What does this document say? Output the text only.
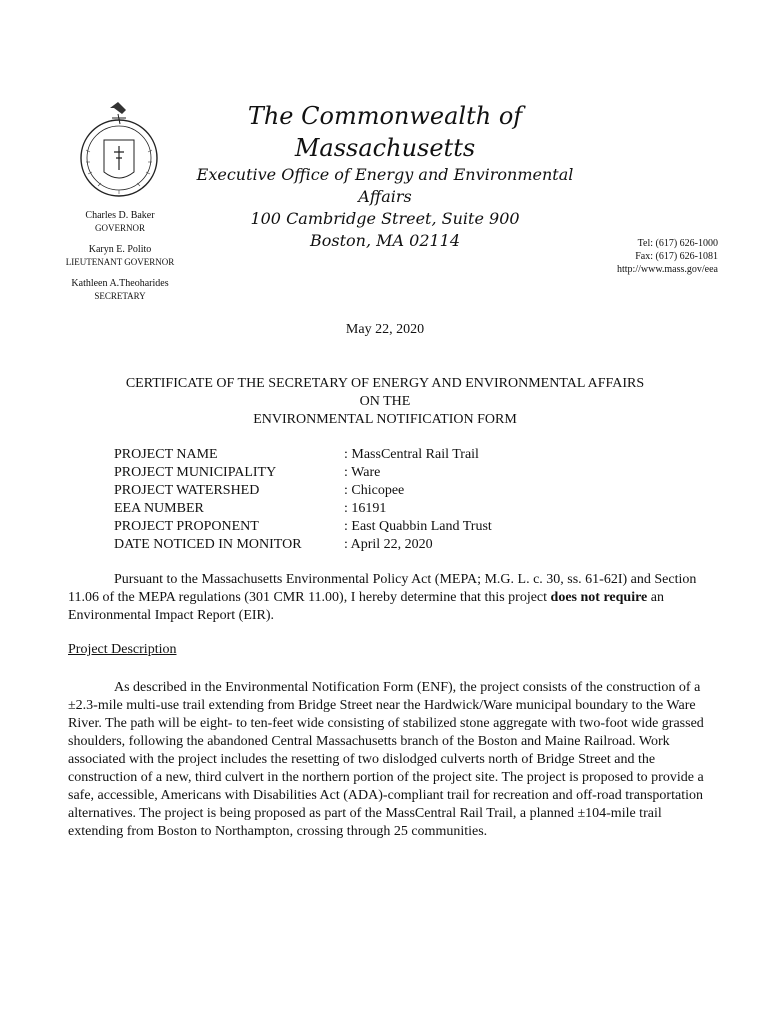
The Commonwealth of Massachusetts
Executive Office of Energy and Environmental Affairs
100 Cambridge Street, Suite 900
Boston, MA 02114
Charles D. Baker
GOVERNOR
Karyn E. Polito
LIEUTENANT GOVERNOR
Kathleen A.Theoharides
SECRETARY
Tel: (617) 626-1000
Fax: (617) 626-1081
http://www.mass.gov/eea
May 22, 2020
CERTIFICATE OF THE SECRETARY OF ENERGY AND ENVIRONMENTAL AFFAIRS
ON THE
ENVIRONMENTAL NOTIFICATION FORM
PROJECT NAME	: MassCentral Rail Trail
PROJECT MUNICIPALITY	: Ware
PROJECT WATERSHED	: Chicopee
EEA NUMBER	: 16191
PROJECT PROPONENT	: East Quabbin Land Trust
DATE NOTICED IN MONITOR	: April 22, 2020
Pursuant to the Massachusetts Environmental Policy Act (MEPA; M.G. L. c. 30, ss. 61-62I) and Section 11.06 of the MEPA regulations (301 CMR 11.00), I hereby determine that this project does not require an Environmental Impact Report (EIR).
Project Description
As described in the Environmental Notification Form (ENF), the project consists of the construction of a ±2.3-mile multi-use trail extending from Bridge Street near the Hardwick/Ware municipal boundary to the Ware River. The path will be eight- to ten-feet wide consisting of stabilized stone aggregate with two-foot wide grassed shoulders, following the abandoned Central Massachusetts branch of the Boston and Maine Railroad. Work associated with the project includes the resetting of two dislodged culverts north of Bridge Street and the construction of a new, third culvert in the northern portion of the project site. The project is proposed to provide a safe, accessible, Americans with Disabilities Act (ADA)-compliant trail for recreation and off-road transportation alternatives. The project is being proposed as part of the MassCentral Rail Trail, a planned ±104-mile trail extending from Boston to Northampton, crossing through 25 communities.
